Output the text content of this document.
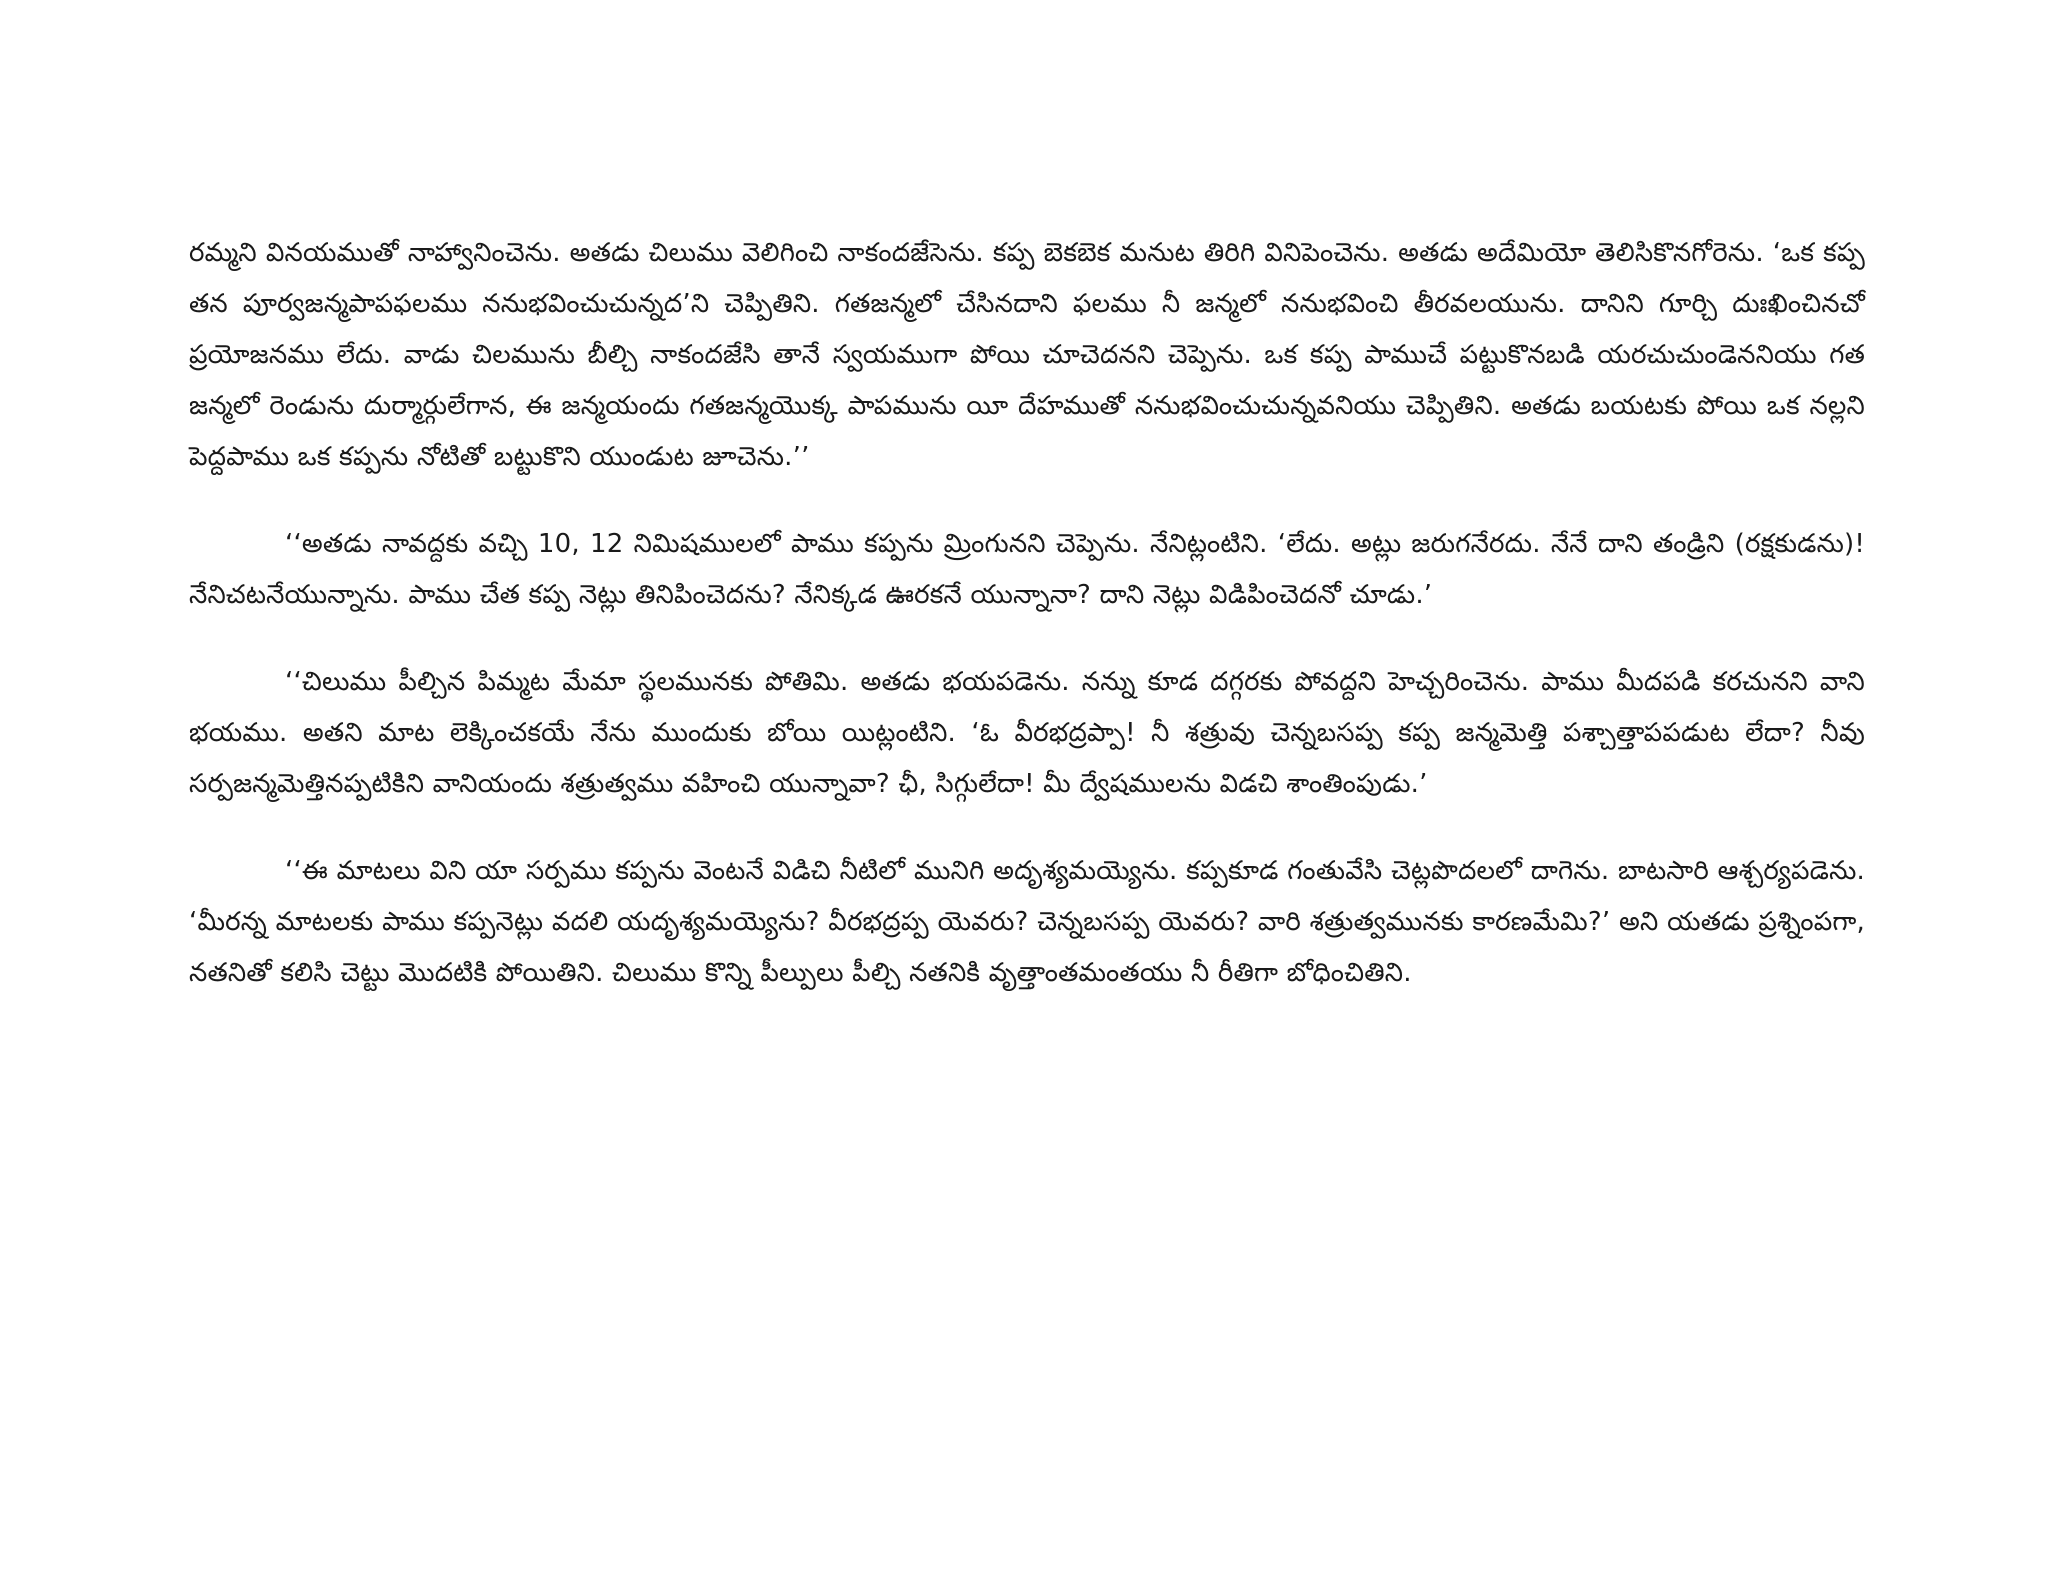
రమ్మని వినయముతో నాహ్వానించెను. అతడు చిలుము వెలిగించి నాకందజేసెను. కప్ప బెకబెక మనుట తిరిగి వినిపెంచెను. అతడు అదేమియో తెలిసికొనగోరెను. ‘ఒక కప్ప తన పూర్వజన్మపాపఫలము ననుభవించుచున్నద’ని చెప్పితిని. గతజన్మలో చేసినదాని ఫలము నీ జన్మలో ననుభవించి తీరవలయును. దానిని గూర్చి దుఃఖించినచో ప్రయోజనము లేదు. వాడు చిలమును బీల్చి నాకందజేసి తానే స్వయముగా పోయి చూచెదనని చెప్పెను. ఒక కప్ప పాముచే పట్టుకొనబడి యరచుచుండెననియు గత జన్మలో రెండును దుర్మార్గులేగాన, ఈ జన్మయందు గతజన్మయొక్క పాపమును యీ దేహముతో ననుభవించుచున్నవనియు చెప్పితిని. అతడు బయటకు పోయి ఒక నల్లని పెద్దపాము ఒక కప్పను నోటితో బట్టుకొని యుండుట జూచెను.’’

‘‘అతడు నావద్దకు వచ్చి 10, 12 నిమిషములలో పాము కప్పను మ్రింగునని చెప్పెను. నేనిట్లంటిని. ‘లేదు. అట్లు జరుగనేరదు. నేనే దాని తండ్రిని (రక్షకుడను)! నేనిచటనేయున్నాను. పాము చేత కప్ప నెట్లు తినిపించెదను? నేనిక్కడ ఊరకనే యున్నానా? దాని నెట్లు విడిపించెదనో చూడు.’

‘‘చిలుము పీల్చిన పిమ్మట మేమా స్థలమునకు పోతిమి. అతడు భయపడెను. నన్ను కూడ దగ్గరకు పోవద్దని హెచ్చరించెను. పాము మీదపడి కరచునని వాని భయము. అతని మాట లెక్కించకయే నేను ముందుకు బోయి యిట్లంటిని. ‘ఓ వీరభద్రప్పా! నీ శత్రువు చెన్నబసప్ప కప్ప జన్మమెత్తి పశ్చాత్తాపపడుట లేదా? నీవు సర్పజన్మమెత్తినప్పటికిని వానియందు శత్రుత్వము వహించి యున్నావా? ఛీ, సిగ్గులేదా! మీ ద్వేషములను విడచి శాంతింపుడు.’

‘‘ఈ మాటలు విని యా సర్పము కప్పను వెంటనే విడిచి నీటిలో మునిగి అదృశ్యమయ్యెను. కప్పకూడ గంతువేసి చెట్లపొదలలో దాగెను. బాటసారి ఆశ్చర్యపడెను. ‘మీరన్న మాటలకు పాము కప్పనెట్లు వదలి యదృశ్యమయ్యెను? వీరభద్రప్ప యెవరు? చెన్నబసప్ప యెవరు? వారి శత్రుత్వమునకు కారణమేమి?’ అని యతడు ప్రశ్నింపగా, నతనితో కలిసి చెట్టు మొదటికి పోయితిని. చిలుము కొన్ని పీల్పులు పీల్చి నతనికి వృత్తాంతమంతయు నీ రీతిగా బోధించితిని.
